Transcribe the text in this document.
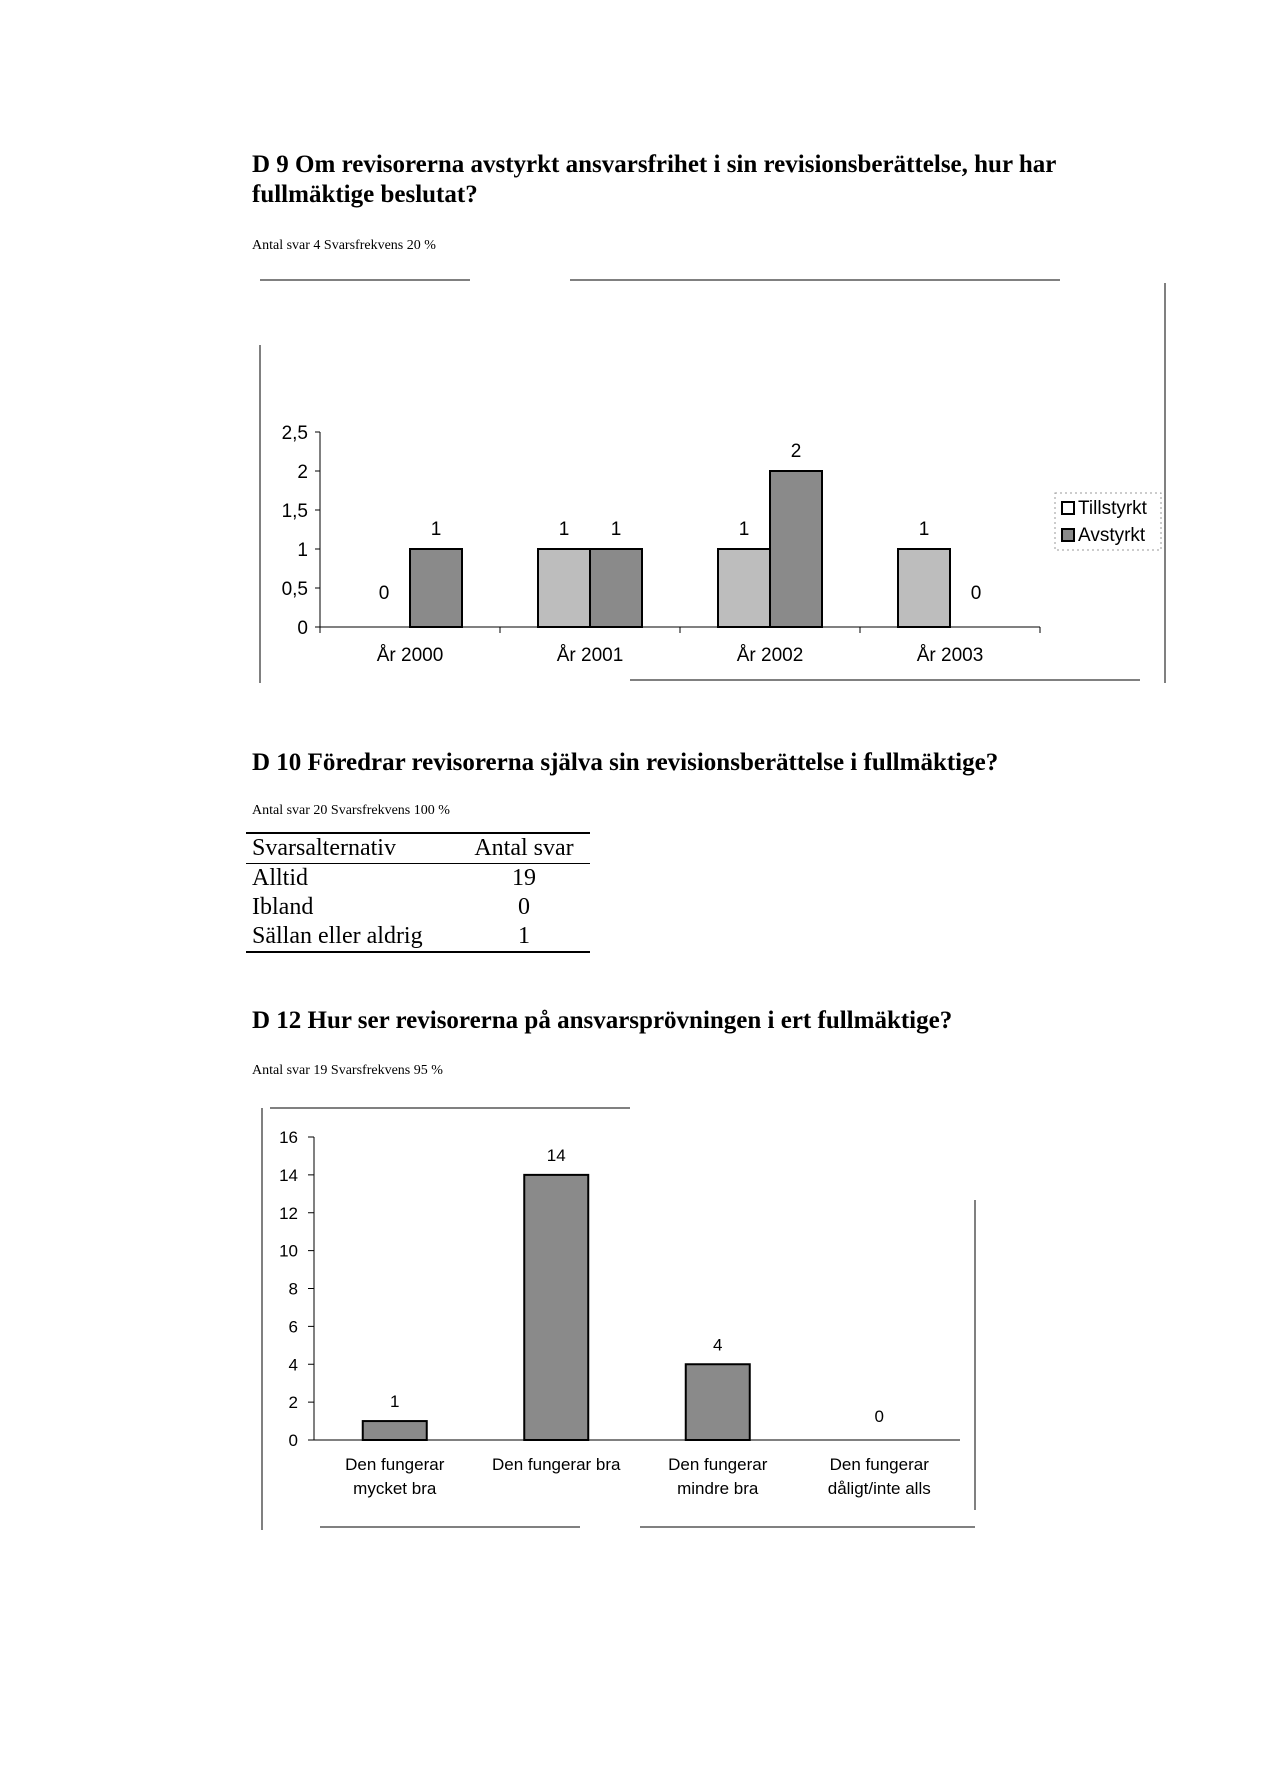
D 9 Om revisorerna avstyrkt ansvarsfrihet i sin revisionsberättelse, hur har fullmäktige beslutat?
Antal svar 4 Svarsfrekvens 20 %
0
0,5
1
1,5
2
2,5
0
1
År 2000
1 1
År 2001
1
2
År 2002
1
0
År 2003
Tillstyrkt
Avstyrkt
D 10 Föredrar revisorerna själva sin revisionsberättelse i fullmäktige?
Antal svar 20 Svarsfrekvens 100 %
Svarsalternativ	Antal svar
Alltid	19
Ibland	0
Sällan eller aldrig	1
D 12 Hur ser revisorerna på ansvarsprövningen i ert fullmäktige?
Antal svar 19 Svarsfrekvens 95 %
0
2
4
6
8
10
12
14
16
1
Den fungerar
mycket bra
14
Den fungerar bra
4
Den fungerar
mindre bra
0
Den fungerar
dåligt/inte alls
